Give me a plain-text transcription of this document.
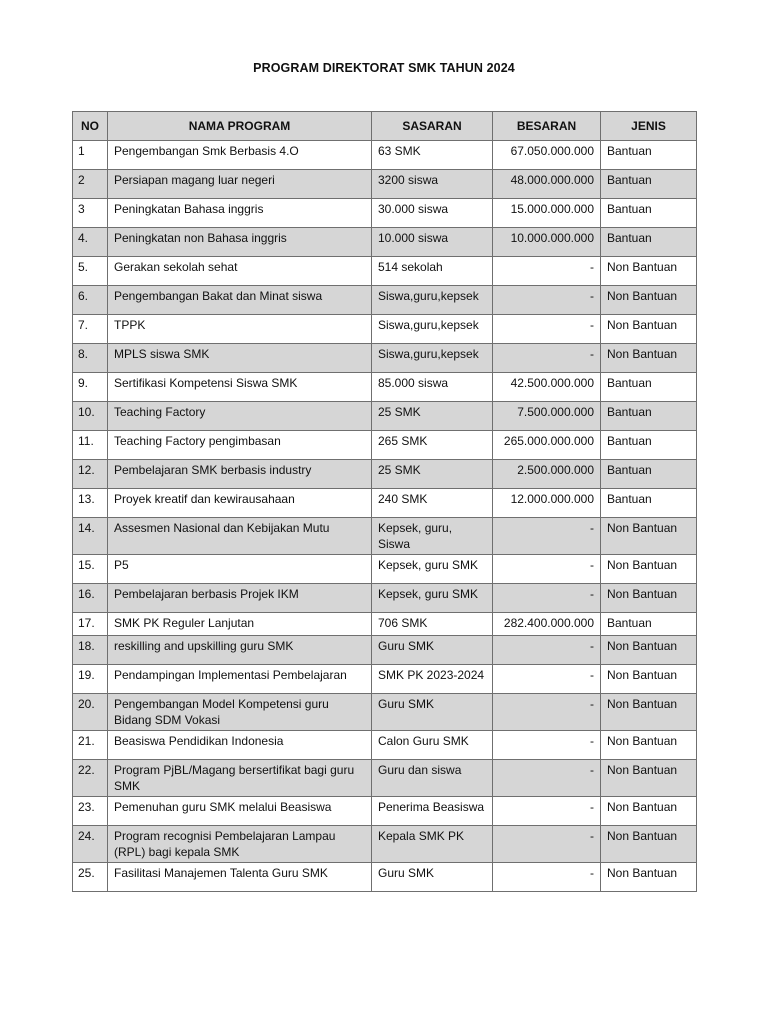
PROGRAM DIREKTORAT SMK TAHUN 2024
NO	NAMA PROGRAM	SASARAN	BESARAN	JENIS
1	Pengembangan Smk Berbasis 4.O	63 SMK	67.050.000.000	Bantuan
2	Persiapan magang luar negeri	3200 siswa	48.000.000.000	Bantuan
3	Peningkatan Bahasa inggris	30.000 siswa	15.000.000.000	Bantuan
4.	Peningkatan non Bahasa inggris	10.000 siswa	10.000.000.000	Bantuan
5.	Gerakan sekolah sehat	514 sekolah	-	Non Bantuan
6.	Pengembangan Bakat dan Minat siswa	Siswa,guru,kepsek	-	Non Bantuan
7.	TPPK	Siswa,guru,kepsek	-	Non Bantuan
8.	MPLS siswa SMK	Siswa,guru,kepsek	-	Non Bantuan
9.	Sertifikasi Kompetensi Siswa SMK	85.000 siswa	42.500.000.000	Bantuan
10.	Teaching Factory	25 SMK	7.500.000.000	Bantuan
11.	Teaching Factory pengimbasan	265 SMK	265.000.000.000	Bantuan
12.	Pembelajaran SMK berbasis industry	25 SMK	2.500.000.000	Bantuan
13.	Proyek kreatif dan kewirausahaan	240 SMK	12.000.000.000	Bantuan
14.	Assesmen Nasional dan Kebijakan Mutu	Kepsek, guru, Siswa	-	Non Bantuan
15.	P5	Kepsek, guru SMK	-	Non Bantuan
16.	Pembelajaran berbasis Projek IKM	Kepsek, guru SMK	-	Non Bantuan
17.	SMK PK Reguler Lanjutan	706 SMK	282.400.000.000	Bantuan
18.	reskilling and upskilling guru SMK	Guru SMK	-	Non Bantuan
19.	Pendampingan Implementasi Pembelajaran	SMK PK 2023-2024	-	Non Bantuan
20.	Pengembangan Model Kompetensi guru Bidang SDM Vokasi	Guru SMK	-	Non Bantuan
21.	Beasiswa Pendidikan Indonesia	Calon Guru SMK	-	Non Bantuan
22.	Program PjBL/Magang bersertifikat bagi guru SMK	Guru dan siswa	-	Non Bantuan
23.	Pemenuhan guru SMK melalui Beasiswa	Penerima Beasiswa	-	Non Bantuan
24.	Program recognisi Pembelajaran Lampau (RPL) bagi kepala SMK	Kepala SMK PK	-	Non Bantuan
25.	Fasilitasi Manajemen Talenta Guru SMK	Guru SMK	-	Non Bantuan
